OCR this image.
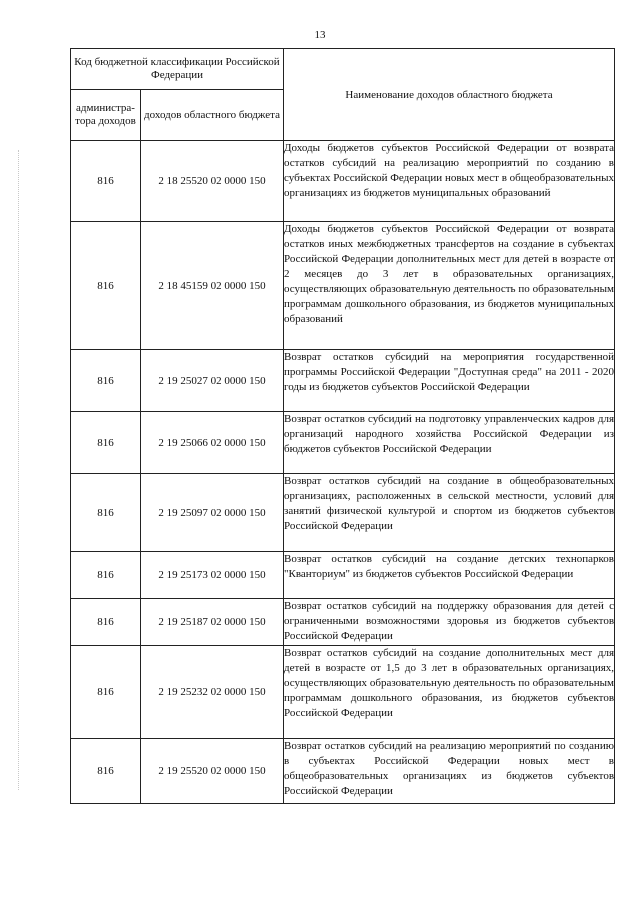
13
Код бюджетной классификации Российской Федерации		Наименование доходов областного бюджета
администра-тора доходов	доходов областного бюджета	
816	2 18 25520 02 0000 150	Доходы бюджетов субъектов Российской Федерации от возврата остатков субсидий на реализацию мероприятий по созданию в субъектах Российской Федерации новых мест в общеобразовательных организациях из бюджетов муниципальных образований
816	2 18 45159 02 0000 150	Доходы бюджетов субъектов Российской Федерации от возврата остатков иных межбюджетных трансфертов на создание в субъектах Российской Федерации дополнительных мест для детей в возрасте от 2 месяцев до 3 лет в образовательных организациях, осуществляющих образовательную деятельность по образовательным программам дошкольного образования, из бюджетов муниципальных образований
816	2 19 25027 02 0000 150	Возврат остатков субсидий на мероприятия государственной программы Российской Федерации "Доступная среда" на 2011 - 2020 годы из бюджетов субъектов Российской Федерации
816	2 19 25066 02 0000 150	Возврат остатков субсидий на подготовку управленческих кадров для организаций народного хозяйства Российской Федерации из бюджетов субъектов Российской Федерации
816	2 19 25097 02 0000 150	Возврат остатков субсидий на создание в общеобразовательных организациях, расположенных в сельской местности, условий для занятий физической культурой и спортом из бюджетов субъектов Российской Федерации
816	2 19 25173 02 0000 150	Возврат остатков субсидий на создание детских технопарков "Кванториум" из бюджетов субъектов Российской Федерации
816	2 19 25187 02 0000 150	Возврат остатков субсидий на поддержку образования для детей с ограниченными возможностями здоровья из бюджетов субъектов Российской Федерации
816	2 19 25232 02 0000 150	Возврат остатков субсидий на создание дополнительных мест для детей в возрасте от 1,5 до 3 лет в образовательных организациях, осуществляющих образовательную деятельность по образовательным программам дошкольного образования, из бюджетов субъектов Российской Федерации
816	2 19 25520 02 0000 150	Возврат остатков субсидий на реализацию мероприятий по созданию в субъектах Российской Федерации новых мест в общеобразовательных организациях из бюджетов субъектов Российской Федерации
